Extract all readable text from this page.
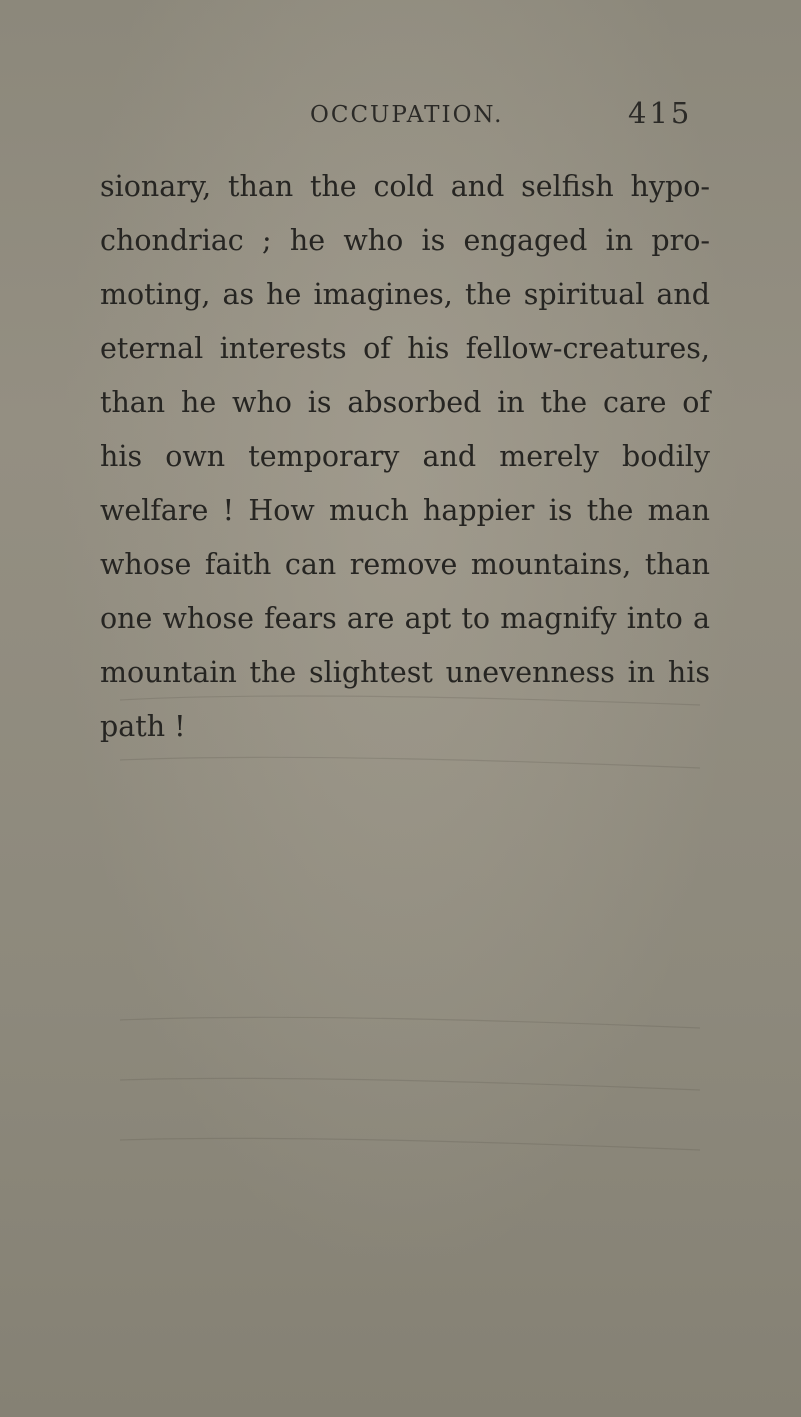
OCCUPATION.	415
sionary, than the cold and selfish hypo-
chondriac ; he who is engaged in pro-
moting, as he imagines, the spiritual and
eternal interests of his fellow-creatures,
than he who is absorbed in the care of
his own temporary and merely bodily
welfare ! How much happier is the man
whose faith can remove mountains, than
one whose fears are apt to magnify into a
mountain the slightest unevenness in his
path !
